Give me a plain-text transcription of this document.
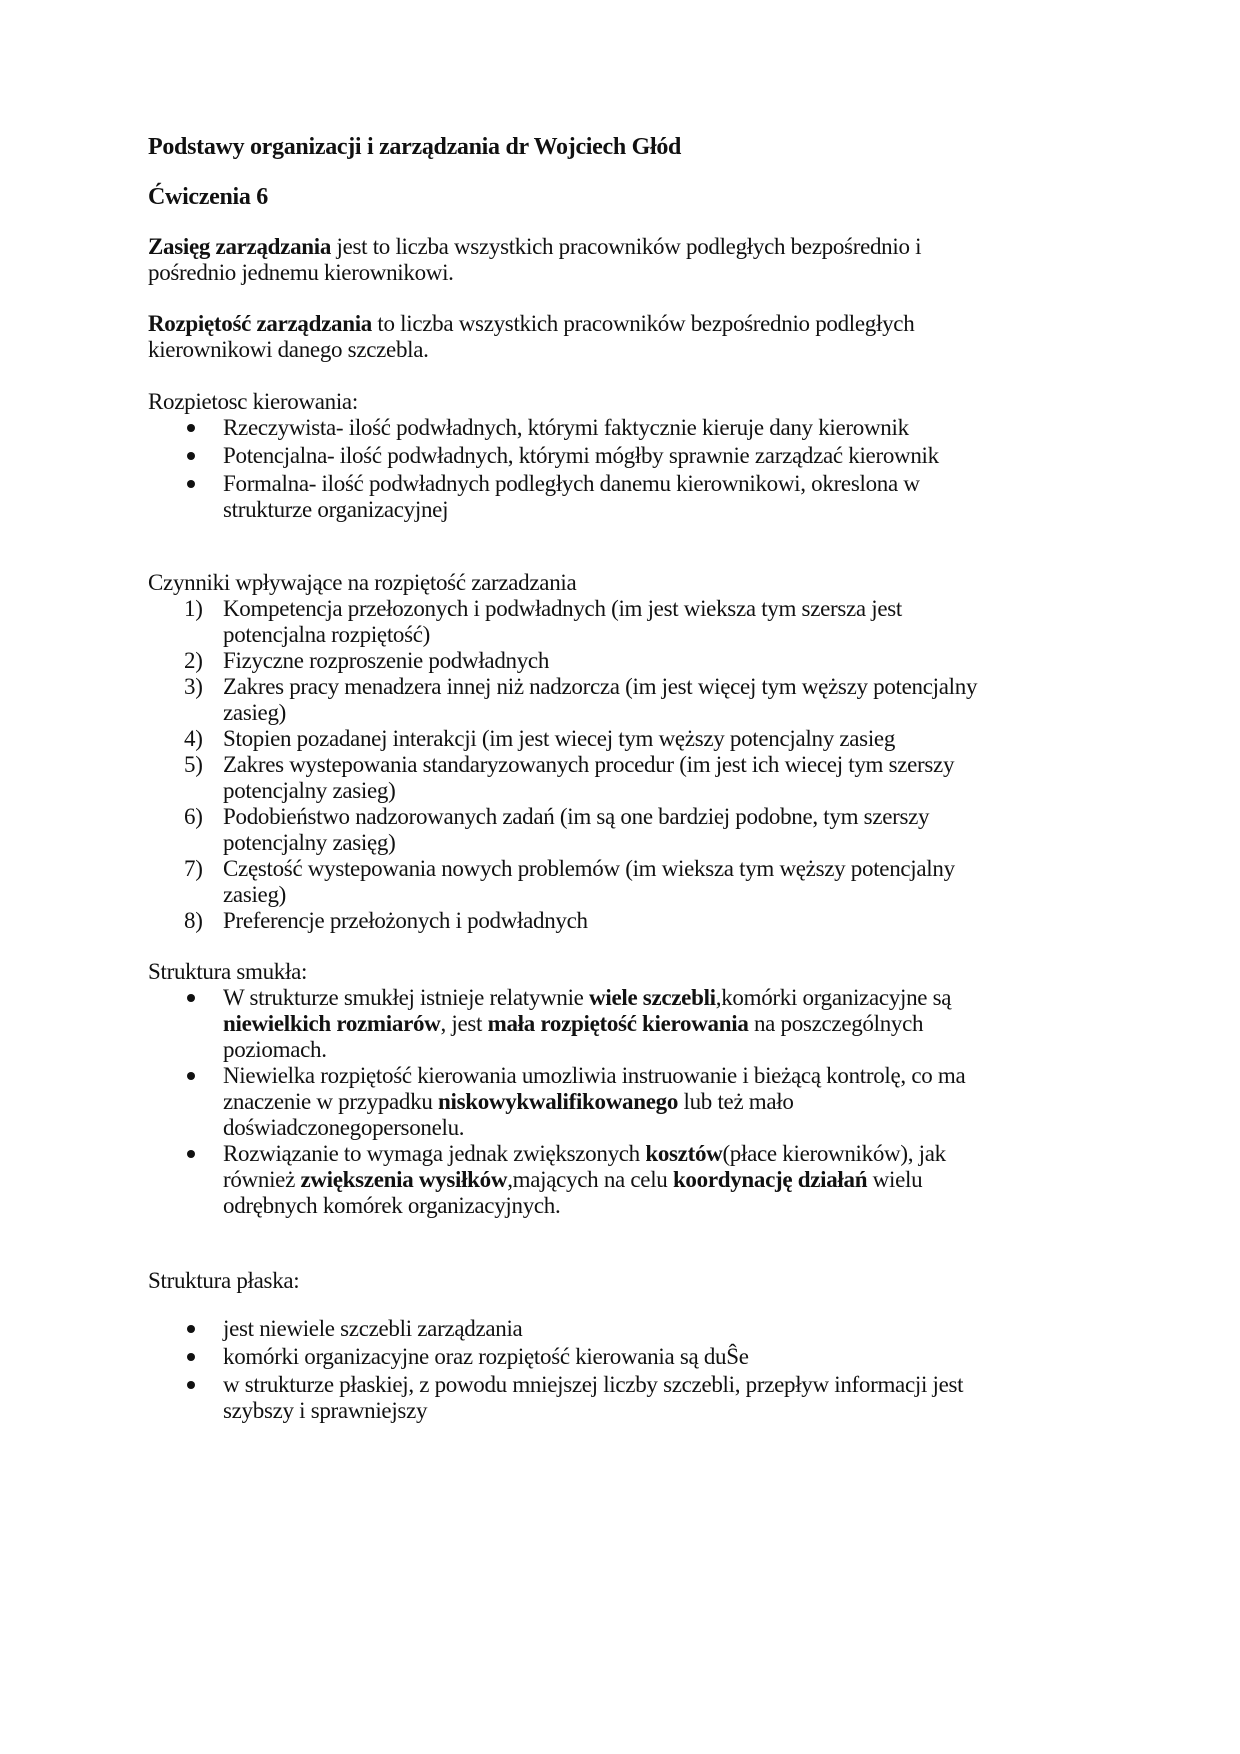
Podstawy organizacji i zarządzania dr Wojciech Głód
Ćwiczenia 6
Zasięg zarządzania jest to liczba wszystkich pracowników podległych bezpośrednio i
pośrednio jednemu kierownikowi.
Rozpiętość zarządzania to liczba wszystkich pracowników bezpośrednio podległych
kierownikowi danego szczebla.
Rozpietosc kierowania:
Rzeczywista- ilość podwładnych, którymi faktycznie kieruje dany kierownik
Potencjalna- ilość podwładnych, którymi mógłby sprawnie zarządzać kierownik
Formalna- ilość podwładnych podległych danemu kierownikowi, okreslona w
strukturze organizacyjnej
Czynniki wpływające na rozpiętość zarzadzania
1) Kompetencja przełozonych i podwładnych (im jest wieksza tym szersza jest
potencjalna rozpiętość)
2) Fizyczne rozproszenie podwładnych
3) Zakres pracy menadzera innej niż nadzorcza (im jest więcej tym węższy potencjalny
zasieg)
4) Stopien pozadanej interakcji (im jest wiecej tym węższy potencjalny zasieg
5) Zakres wystepowania standaryzowanych procedur (im jest ich wiecej tym szerszy
potencjalny zasieg)
6) Podobieństwo nadzorowanych zadań (im są one bardziej podobne, tym szerszy
potencjalny zasięg)
7) Częstość wystepowania nowych problemów (im wieksza tym węższy potencjalny
zasieg)
8) Preferencje przełożonych i podwładnych
Struktura smukła:
W strukturze smukłej istnieje relatywnie wiele szczebli,komórki organizacyjne są
niewielkich rozmiarów, jest mała rozpiętość kierowania na poszczególnych
poziomach.
Niewielka rozpiętość kierowania umozliwia instruowanie i bieżącą kontrolę, co ma
znaczenie w przypadku niskowykwalifikowanego lub też mało
doświadczonegopersonelu.
Rozwiązanie to wymaga jednak zwiększonych kosztów(płace kierowników), jak
również zwiększenia wysiłków,mających na celu koordynację działań wielu
odrębnych komórek organizacyjnych.
Struktura płaska:
jest niewiele szczebli zarządzania
komórki organizacyjne oraz rozpiętość kierowania są duŜe
w strukturze płaskiej, z powodu mniejszej liczby szczebli, przepływ informacji jest
szybszy i sprawniejszy
